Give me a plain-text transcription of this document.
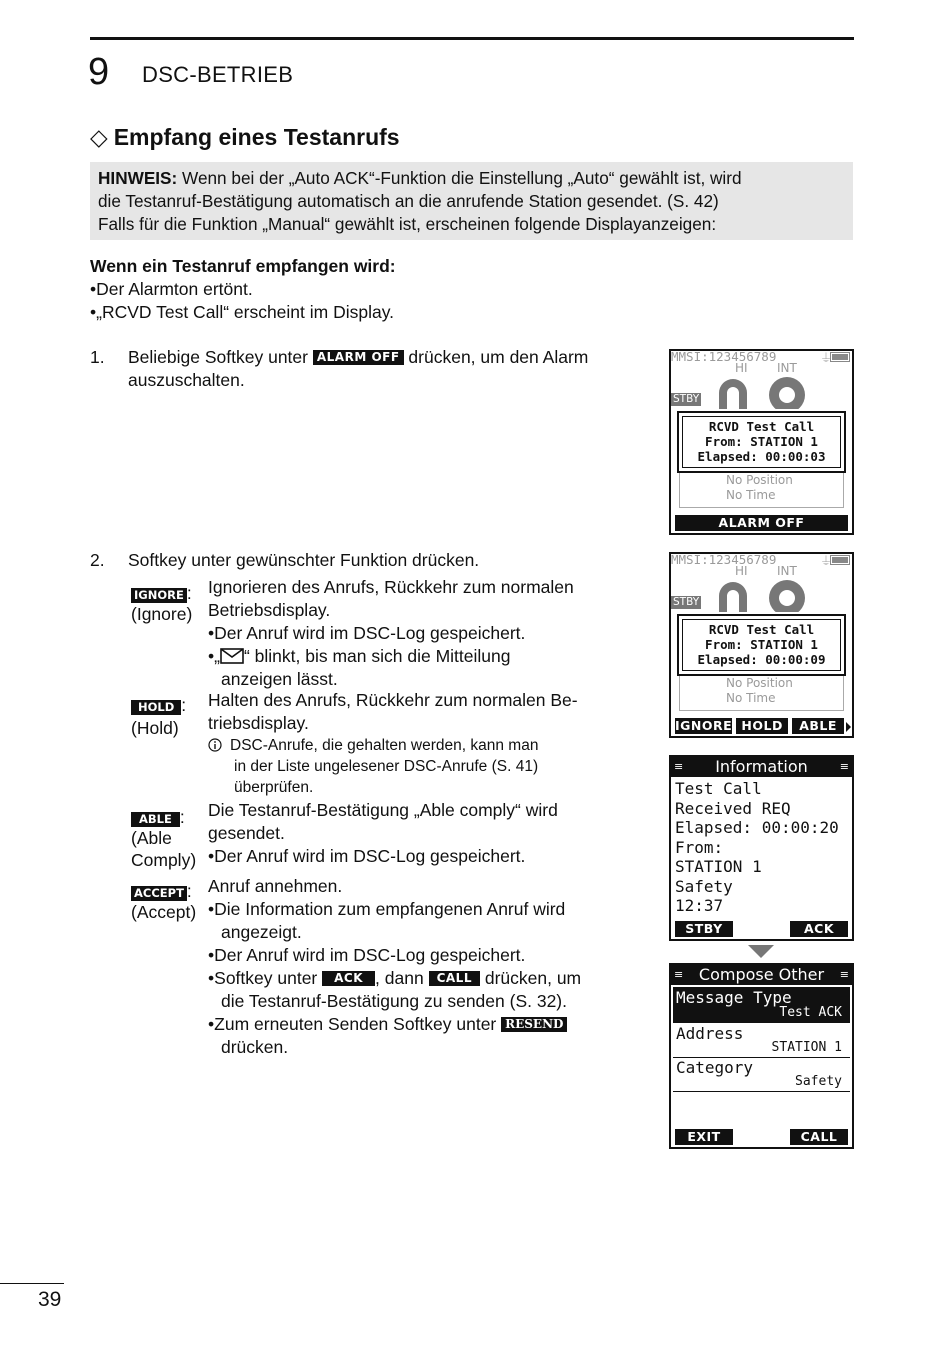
9 DSC-BETRIEB
◇ Empfang eines Testanrufs
HINWEIS: Wenn bei der „Auto ACK“-Funktion die Einstellung „Auto“ gewählt ist, wird
die Testanruf-Bestätigung automatisch an die anrufende Station gesendet. (S. 42)
Falls für die Funktion „Manual“ gewählt ist, erscheinen folgende Displayanzeigen:
Wenn ein Testanruf empfangen wird:
•Der Alarmton ertönt.
•„RCVD Test Call“ erscheint im Display.
1. Beliebige Softkey unter ALARM OFF drücken, um den Alarm
auszuschalten.
2. Softkey unter gewünschter Funktion drücken.
IGNORE :
(Ignore)
Ignorieren des Anrufs, Rückkehr zum normalen
Betriebsdisplay.
•Der Anruf wird im DSC-Log gespeichert.
•„ “ blinkt, bis man sich die Mitteilung
anzeigen lässt.
HOLD :
(Hold)
Halten des Anrufs, Rückkehr zum normalen Be-
triebsdisplay.
DSC-Anrufe, die gehalten werden, kann man
in der Liste ungelesener DSC-Anrufe (S. 41)
überprüfen.
ABLE :
(Able
Comply)
Die Testanruf-Bestätigung „Able comply“ wird
gesendet.
•Der Anruf wird im DSC-Log gespeichert.
ACCEPT :
(Accept)
Anruf annehmen.
•Die Information zum empfangenen Anruf wird
angezeigt.
•Der Anruf wird im DSC-Log gespeichert.
•Softkey unter ACK , dann CALL drücken, um
die Testanruf-Bestätigung zu senden (S. 32).
•Zum erneuten Senden Softkey unter RESEND
drücken.
MMSI:123456789	⏚
HI INT
STBY
RCVD Test Call
From: STATION 1
Elapsed: 00:00:03
No Position
No Time
ALARM OFF
MMSI:123456789	⏚
HI INT
STBY
RCVD Test Call
From: STATION 1
Elapsed: 00:00:09
No Position
No Time
IGNORE HOLD	ABLE
≡ Information	≡
Test Call
Received REQ
Elapsed: 00:00:20
From:
STATION 1
Safety
12:37
STBY	ACK
≡ Compose Other ≡
Message Type
Test ACK
Address
STATION 1
Category
Safety
EXIT	CALL
39
